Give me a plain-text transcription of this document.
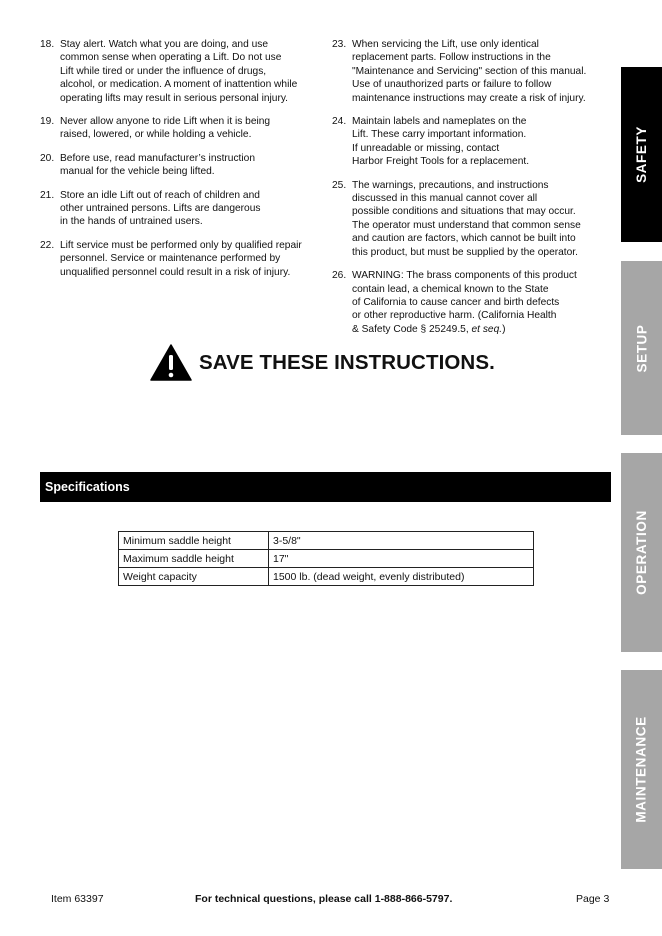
18. Stay alert. Watch what you are doing, and use
common sense when operating a Lift. Do not use
Lift while tired or under the influence of drugs,
alcohol, or medication. A moment of inattention while
operating lifts may result in serious personal injury.
19. Never allow anyone to ride Lift when it is being
raised, lowered, or while holding a vehicle.
20. Before use, read manufacturer’s instruction
manual for the vehicle being lifted.
21. Store an idle Lift out of reach of children and
other untrained persons. Lifts are dangerous
in the hands of untrained users.
22. Lift service must be performed only by qualified repair
personnel. Service or maintenance performed by
unqualified personnel could result in a risk of injury.
23. When servicing the Lift, use only identical
replacement parts. Follow instructions in the
"Maintenance and Servicing" section of this manual.
Use of unauthorized parts or failure to follow
maintenance instructions may create a risk of injury.
24. Maintain labels and nameplates on the
Lift. These carry important information.
If unreadable or missing, contact
Harbor Freight Tools for a replacement.
25. The warnings, precautions, and instructions
discussed in this manual cannot cover all
possible conditions and situations that may occur.
The operator must understand that common sense
and caution are factors, which cannot be built into
this product, but must be supplied by the operator.
26. WARNING: The brass components of this product
contain lead, a chemical known to the State
of California to cause cancer and birth defects
or other reproductive harm. (California Health
& Safety Code § 25249.5, et seq.)
SAVE THESE INSTRUCTIONS.
Specifications
Minimum saddle height	3-5/8"
Maximum saddle height	17"
Weight capacity	1500 lb. (dead weight, evenly distributed)
SAFETY
SETUP
OPERATION
MAINTENANCE
Item 63397	For technical questions, please call 1-888-866-5797.	Page 3
